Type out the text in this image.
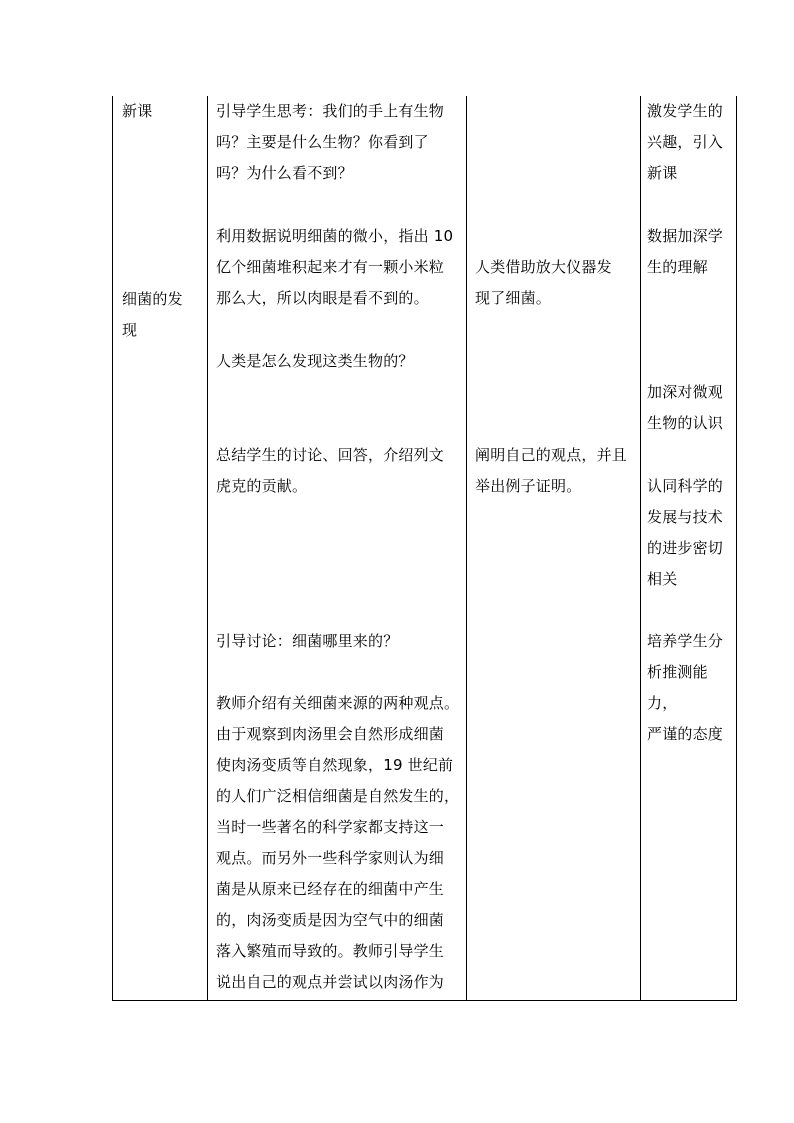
新课
细菌的发
现
引导学生思考：我们的手上有生物
吗？主要是什么生物？你看到了
吗？为什么看不到？
利用数据说明细菌的微小，指出 10
亿个细菌堆积起来才有一颗小米粒
那么大，所以肉眼是看不到的。
人类是怎么发现这类生物的？
总结学生的讨论、回答，介绍列文
虎克的贡献。
引导讨论：细菌哪里来的？
教师介绍有关细菌来源的两种观点。
由于观察到肉汤里会自然形成细菌
使肉汤变质等自然现象，19 世纪前
的人们广泛相信细菌是自然发生的，
当时一些著名的科学家都支持这一
观点。而另外一些科学家则认为细
菌是从原来已经存在的细菌中产生
的，肉汤变质是因为空气中的细菌
落入繁殖而导致的。教师引导学生
说出自己的观点并尝试以肉汤作为
人类借助放大仪器发
现了细菌。
阐明自己的观点，并且
举出例子证明。
激发学生的
兴趣，引入
新课
数据加深学
生的理解
加深对微观
生物的认识
认同科学的
发展与技术
的进步密切
相关
培养学生分
析推测能力，
严谨的态度
